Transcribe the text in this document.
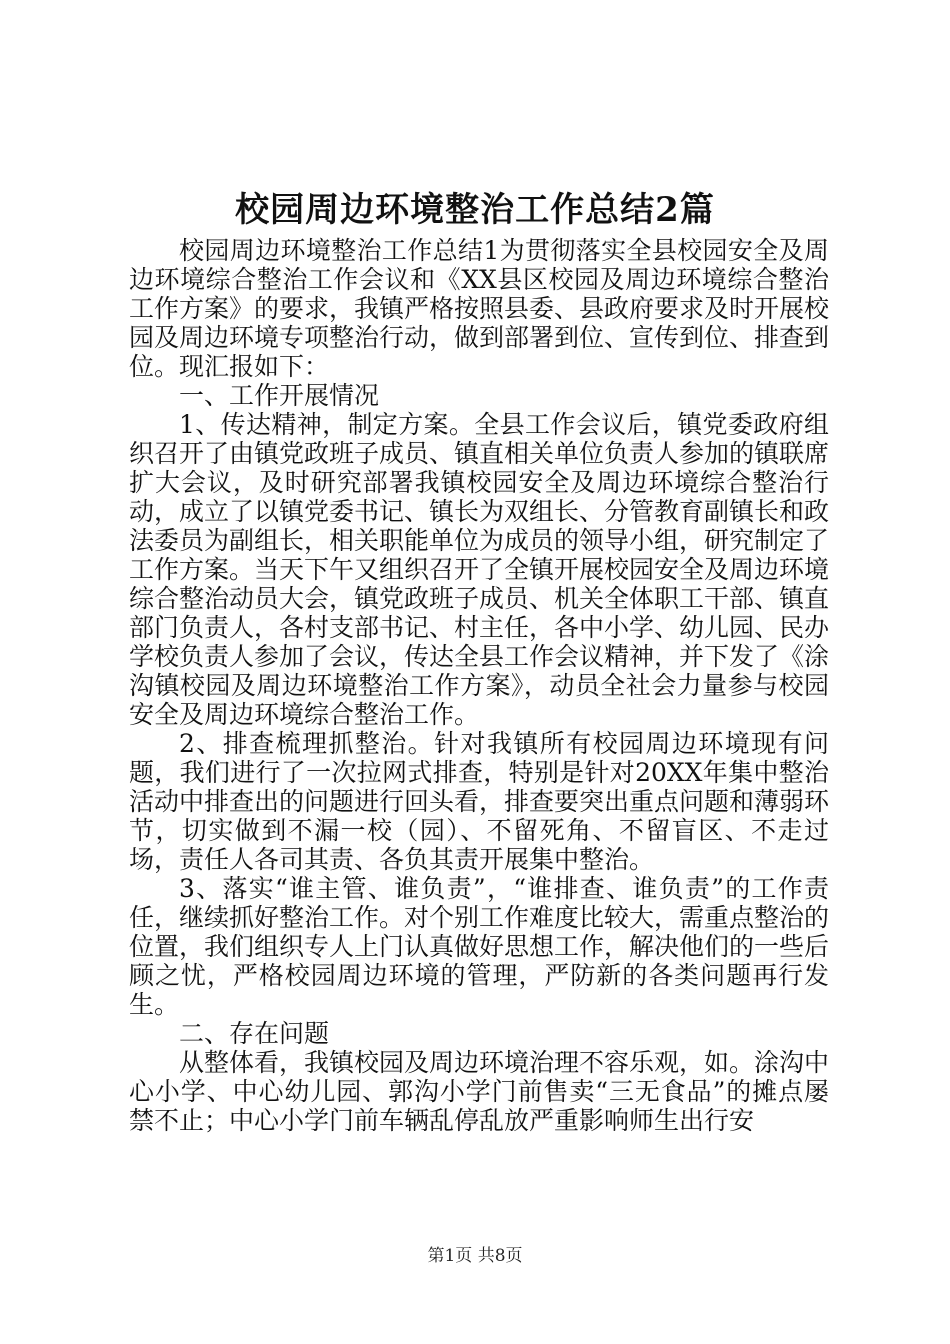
校园周边环境整治工作总结2篇

校园周边环境整治工作总结1为贯彻落实全县校园安全及周边环境综合整治工作会议和《XX县区校园及周边环境综合整治工作方案》的要求，我镇严格按照县委、县政府要求及时开展校园及周边环境专项整治行动，做到部署到位、宣传到位、排查到位。现汇报如下：

一、工作开展情况

1、传达精神，制定方案。全县工作会议后，镇党委政府组织召开了由镇党政班子成员、镇直相关单位负责人参加的镇联席扩大会议，及时研究部署我镇校园安全及周边环境综合整治行动，成立了以镇党委书记、镇长为双组长、分管教育副镇长和政法委员为副组长，相关职能单位为成员的领导小组，研究制定了工作方案。当天下午又组织召开了全镇开展校园安全及周边环境综合整治动员大会，镇党政班子成员、机关全体职工干部、镇直部门负责人，各村支部书记、村主任，各中小学、幼儿园、民办学校负责人参加了会议，传达全县工作会议精神，并下发了《涂沟镇校园及周边环境整治工作方案》，动员全社会力量参与校园安全及周边环境综合整治工作。

2、排查梳理抓整治。针对我镇所有校园周边环境现有问题，我们进行了一次拉网式排查，特别是针对20XX年集中整治活动中排查出的问题进行回头看，排查要突出重点问题和薄弱环节，切实做到不漏一校（园）、不留死角、不留盲区、不走过场，责任人各司其责、各负其责开展集中整治。

3、落实“谁主管、谁负责”，“谁排查、谁负责”的工作责任，继续抓好整治工作。对个别工作难度比较大，需重点整治的位置，我们组织专人上门认真做好思想工作，解决他们的一些后顾之忧，严格校园周边环境的管理，严防新的各类问题再行发生。

二、存在问题

从整体看，我镇校园及周边环境治理不容乐观，如。涂沟中心小学、中心幼儿园、郭沟小学门前售卖“三无食品”的摊点屡禁不止；中心小学门前车辆乱停乱放严重影响师生出行安

第1页 共8页
